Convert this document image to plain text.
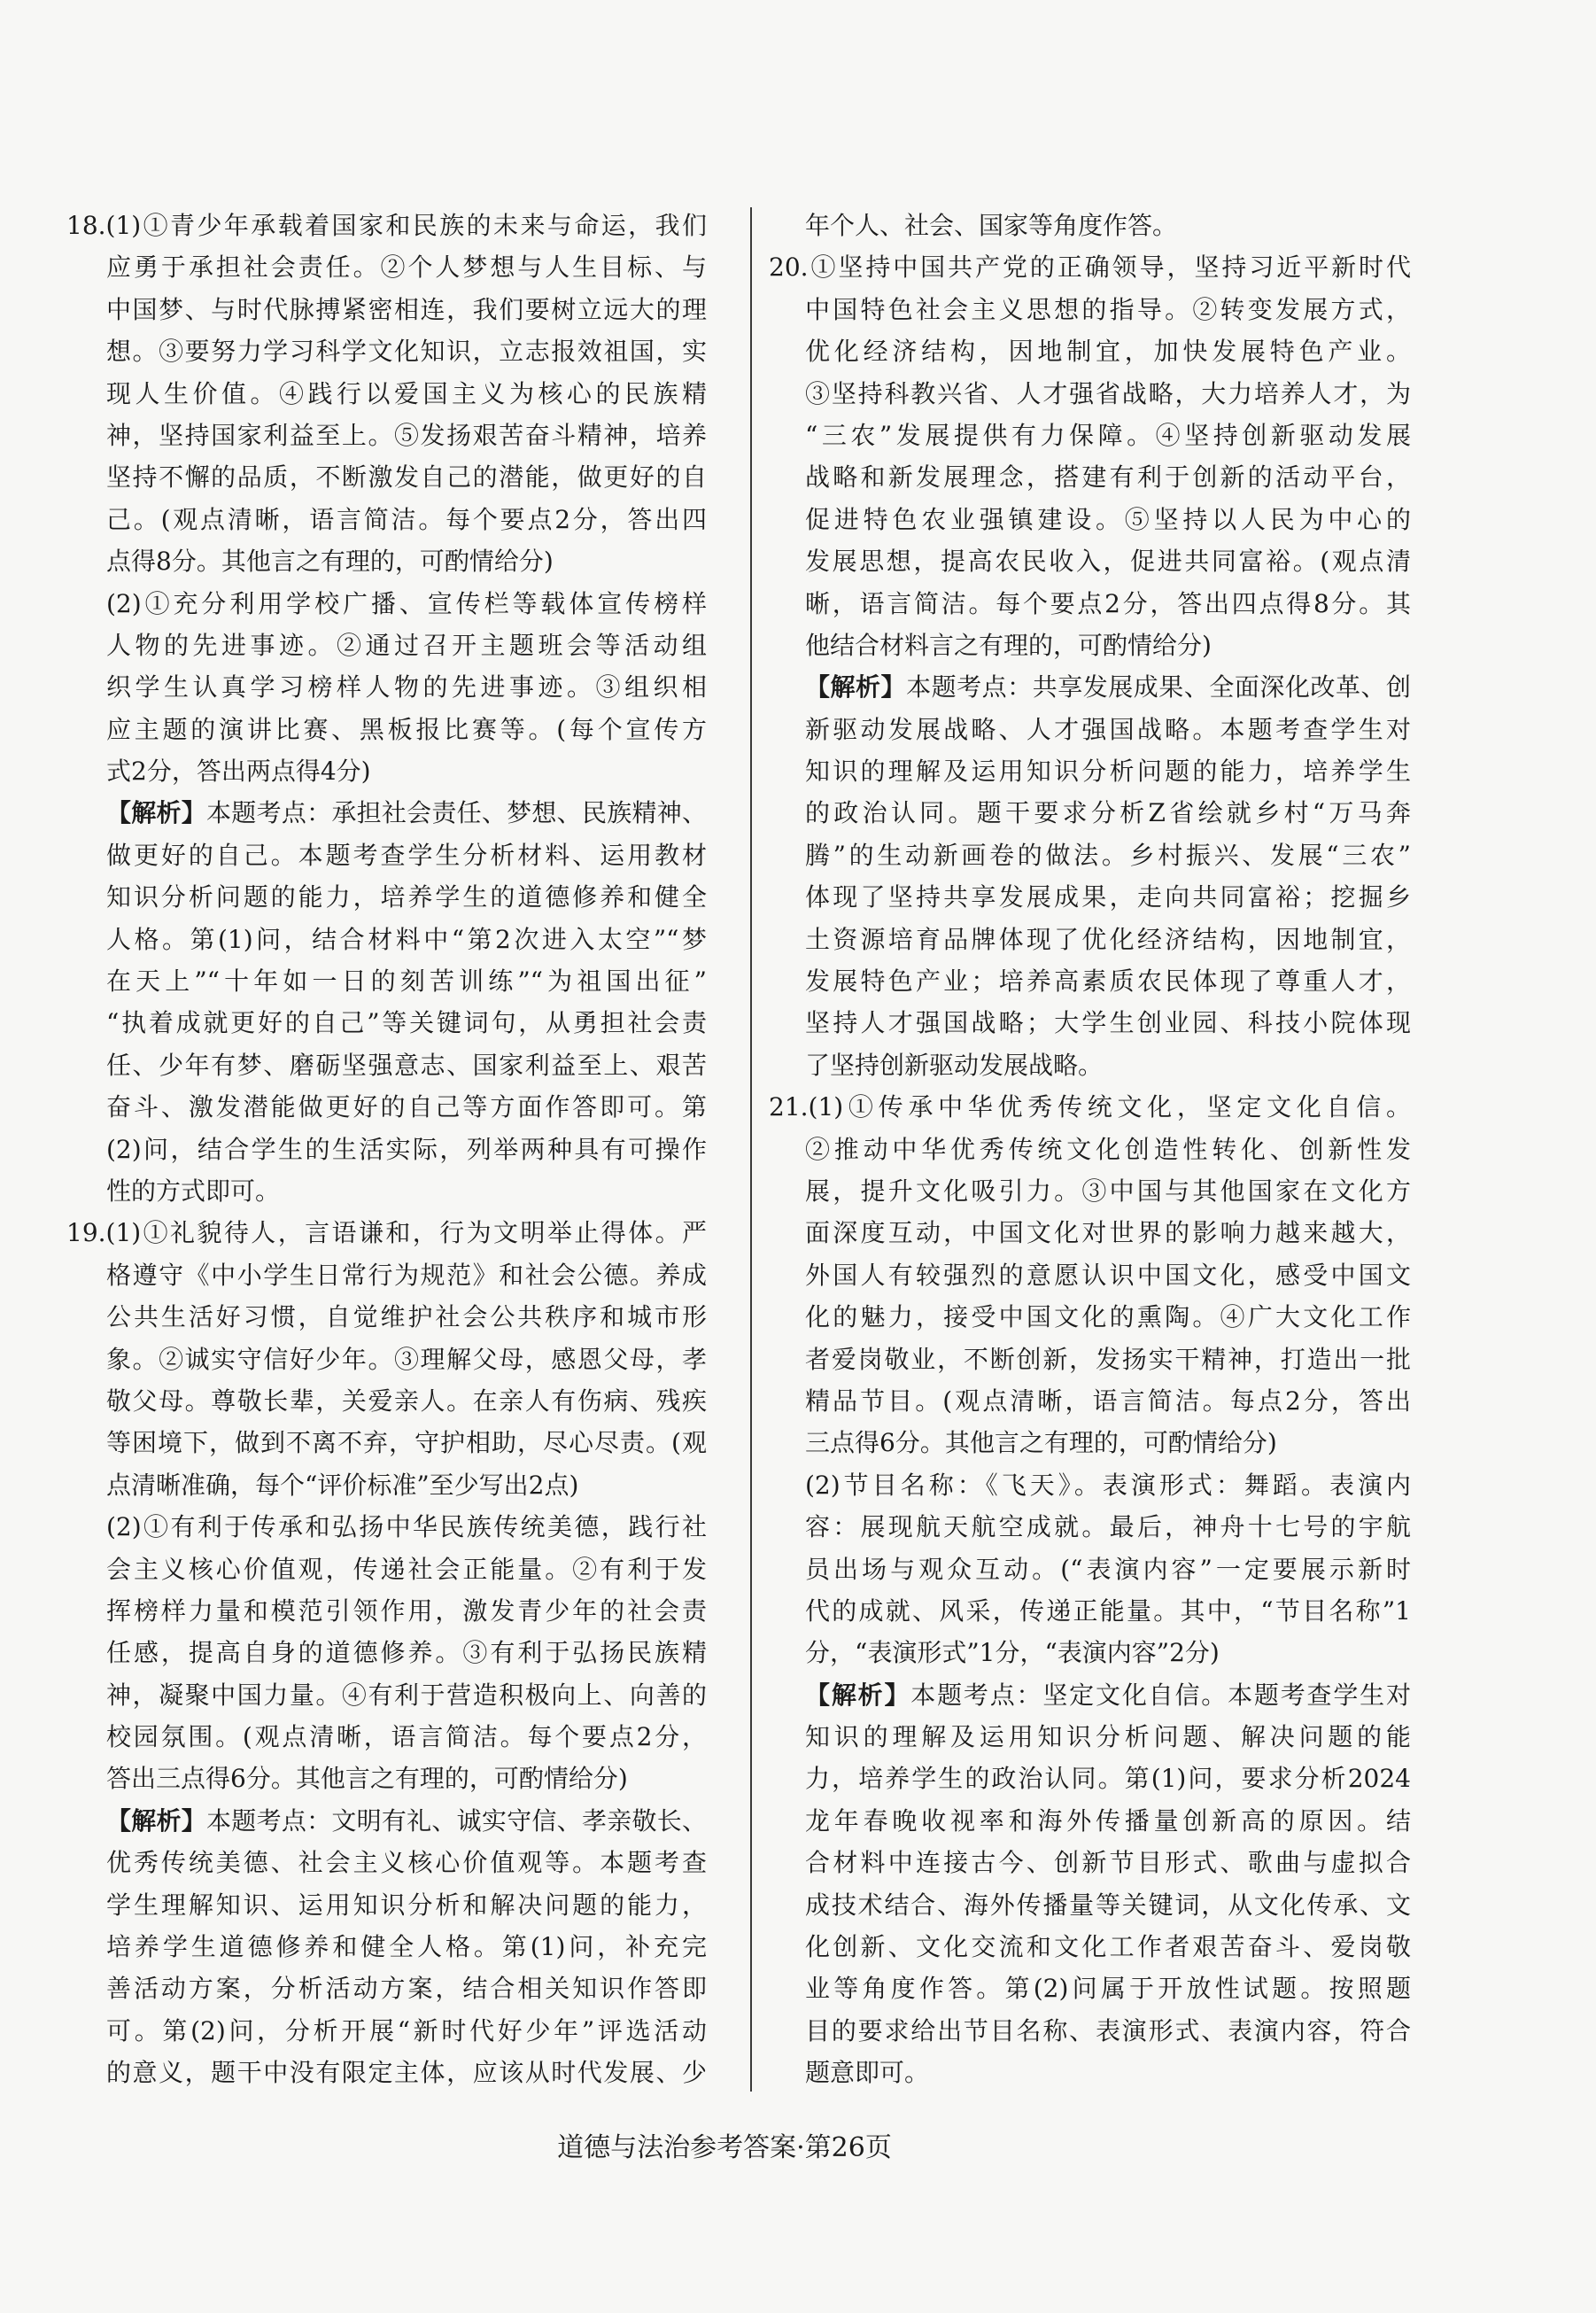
18.(1)①青少年承载着国家和民族的未来与命运，我们
应勇于承担社会责任。②个人梦想与人生目标、与
中国梦、与时代脉搏紧密相连，我们要树立远大的理
想。③要努力学习科学文化知识，立志报效祖国，实
现人生价值。④践行以爱国主义为核心的民族精
神，坚持国家利益至上。⑤发扬艰苦奋斗精神，培养
坚持不懈的品质，不断激发自己的潜能，做更好的自
己。(观点清晰，语言简洁。每个要点2分，答出四
点得8分。其他言之有理的，可酌情给分)
(2)①充分利用学校广播、宣传栏等载体宣传榜样
人物的先进事迹。②通过召开主题班会等活动组
织学生认真学习榜样人物的先进事迹。③组织相
应主题的演讲比赛、黑板报比赛等。(每个宣传方
式2分，答出两点得4分)
【解析】本题考点：承担社会责任、梦想、民族精神、
做更好的自己。本题考查学生分析材料、运用教材
知识分析问题的能力，培养学生的道德修养和健全
人格。第(1)问，结合材料中“第2次进入太空”“梦
在天上”“十年如一日的刻苦训练”“为祖国出征”
“执着成就更好的自己”等关键词句，从勇担社会责
任、少年有梦、磨砺坚强意志、国家利益至上、艰苦
奋斗、激发潜能做更好的自己等方面作答即可。第
(2)问，结合学生的生活实际，列举两种具有可操作
性的方式即可。
19.(1)①礼貌待人，言语谦和，行为文明举止得体。严
格遵守《中小学生日常行为规范》和社会公德。养成
公共生活好习惯，自觉维护社会公共秩序和城市形
象。②诚实守信好少年。③理解父母，感恩父母，孝
敬父母。尊敬长辈，关爱亲人。在亲人有伤病、残疾
等困境下，做到不离不弃，守护相助，尽心尽责。(观
点清晰准确，每个“评价标准”至少写出2点)
(2)①有利于传承和弘扬中华民族传统美德，践行社
会主义核心价值观，传递社会正能量。②有利于发
挥榜样力量和模范引领作用，激发青少年的社会责
任感，提高自身的道德修养。③有利于弘扬民族精
神，凝聚中国力量。④有利于营造积极向上、向善的
校园氛围。(观点清晰，语言简洁。每个要点2分，
答出三点得6分。其他言之有理的，可酌情给分)
【解析】本题考点：文明有礼、诚实守信、孝亲敬长、
优秀传统美德、社会主义核心价值观等。本题考查
学生理解知识、运用知识分析和解决问题的能力，
培养学生道德修养和健全人格。第(1)问，补充完
善活动方案，分析活动方案，结合相关知识作答即
可。第(2)问，分析开展“新时代好少年”评选活动
的意义，题干中没有限定主体，应该从时代发展、少
年个人、社会、国家等角度作答。
20.①坚持中国共产党的正确领导，坚持习近平新时代
中国特色社会主义思想的指导。②转变发展方式，
优化经济结构，因地制宜，加快发展特色产业。
③坚持科教兴省、人才强省战略，大力培养人才，为
“三农”发展提供有力保障。④坚持创新驱动发展
战略和新发展理念，搭建有利于创新的活动平台，
促进特色农业强镇建设。⑤坚持以人民为中心的
发展思想，提高农民收入，促进共同富裕。(观点清
晰，语言简洁。每个要点2分，答出四点得8分。其
他结合材料言之有理的，可酌情给分)
【解析】本题考点：共享发展成果、全面深化改革、创
新驱动发展战略、人才强国战略。本题考查学生对
知识的理解及运用知识分析问题的能力，培养学生
的政治认同。题干要求分析Z省绘就乡村“万马奔
腾”的生动新画卷的做法。乡村振兴、发展“三农”
体现了坚持共享发展成果，走向共同富裕；挖掘乡
土资源培育品牌体现了优化经济结构，因地制宜，
发展特色产业；培养高素质农民体现了尊重人才，
坚持人才强国战略；大学生创业园、科技小院体现
了坚持创新驱动发展战略。
21.(1)①传承中华优秀传统文化，坚定文化自信。
②推动中华优秀传统文化创造性转化、创新性发
展，提升文化吸引力。③中国与其他国家在文化方
面深度互动，中国文化对世界的影响力越来越大，
外国人有较强烈的意愿认识中国文化，感受中国文
化的魅力，接受中国文化的熏陶。④广大文化工作
者爱岗敬业，不断创新，发扬实干精神，打造出一批
精品节目。(观点清晰，语言简洁。每点2分，答出
三点得6分。其他言之有理的，可酌情给分)
(2)节目名称：《飞天》。表演形式：舞蹈。表演内
容：展现航天航空成就。最后，神舟十七号的宇航
员出场与观众互动。(“表演内容”一定要展示新时
代的成就、风采，传递正能量。其中，“节目名称”1
分，“表演形式”1分，“表演内容”2分)
【解析】本题考点：坚定文化自信。本题考查学生对
知识的理解及运用知识分析问题、解决问题的能
力，培养学生的政治认同。第(1)问，要求分析2024
龙年春晚收视率和海外传播量创新高的原因。结
合材料中连接古今、创新节目形式、歌曲与虚拟合
成技术结合、海外传播量等关键词，从文化传承、文
化创新、文化交流和文化工作者艰苦奋斗、爱岗敬
业等角度作答。第(2)问属于开放性试题。按照题
目的要求给出节目名称、表演形式、表演内容，符合
题意即可。
道德与法治参考答案·第26页
